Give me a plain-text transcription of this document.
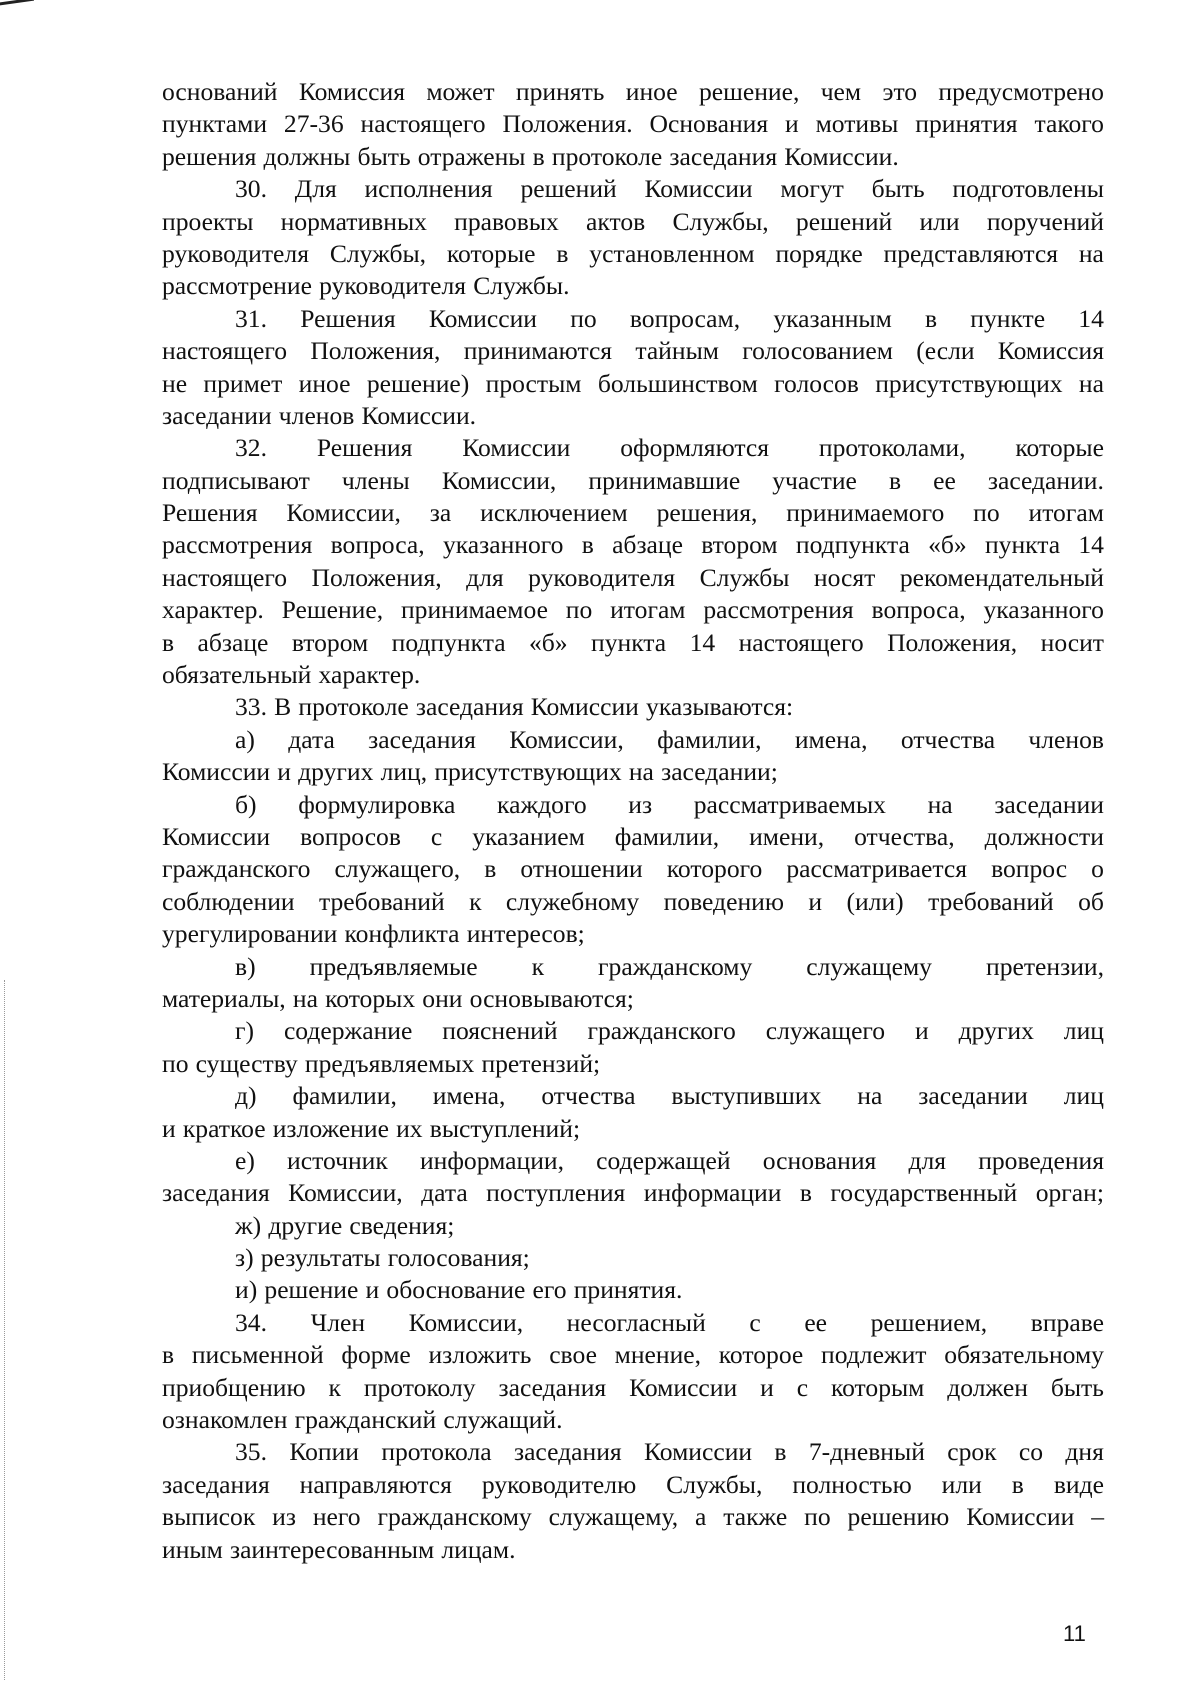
оснований Комиссия может принять иное решение, чем это предусмотрено
пунктами 27-36 настоящего Положения. Основания и мотивы принятия такого
решения должны быть отражены в протоколе заседания Комиссии.
30. Для исполнения решений Комиссии могут быть подготовлены
проекты нормативных правовых актов Службы, решений или поручений
руководителя Службы, которые в установленном порядке представляются на
рассмотрение руководителя Службы.
31. Решения Комиссии по вопросам, указанным в пункте 14
настоящего Положения, принимаются тайным голосованием (если Комиссия
не примет иное решение) простым большинством голосов присутствующих на
заседании членов Комиссии.
32. Решения Комиссии оформляются протоколами, которые
подписывают члены Комиссии, принимавшие участие в ее заседании.
Решения Комиссии, за исключением решения, принимаемого по итогам
рассмотрения вопроса, указанного в абзаце втором подпункта «б» пункта 14
настоящего Положения, для руководителя Службы носят рекомендательный
характер. Решение, принимаемое по итогам рассмотрения вопроса, указанного
в абзаце втором подпункта «б» пункта 14 настоящего Положения, носит
обязательный характер.
33. В протоколе заседания Комиссии указываются:
а) дата заседания Комиссии, фамилии, имена, отчества членов
Комиссии и других лиц, присутствующих на заседании;
б) формулировка каждого из рассматриваемых на заседании
Комиссии вопросов с указанием фамилии, имени, отчества, должности
гражданского служащего, в отношении которого рассматривается вопрос о
соблюдении требований к служебному поведению и (или) требований об
урегулировании конфликта интересов;
в) предъявляемые к гражданскому служащему претензии,
материалы, на которых они основываются;
г) содержание пояснений гражданского служащего и других лиц
по существу предъявляемых претензий;
д) фамилии, имена, отчества выступивших на заседании лиц
и краткое изложение их выступлений;
е) источник информации, содержащей основания для проведения
заседания Комиссии, дата поступления информации в государственный орган;
ж) другие сведения;
з) результаты голосования;
и) решение и обоснование его принятия.
34. Член Комиссии, несогласный с ее решением, вправе
в письменной форме изложить свое мнение, которое подлежит обязательному
приобщению к протоколу заседания Комиссии и с которым должен быть
ознакомлен гражданский служащий.
35. Копии протокола заседания Комиссии в 7-дневный срок со дня
заседания направляются руководителю Службы, полностью или в виде
выписок из него гражданскому служащему, а также по решению Комиссии –
иным заинтересованным лицам.
11
